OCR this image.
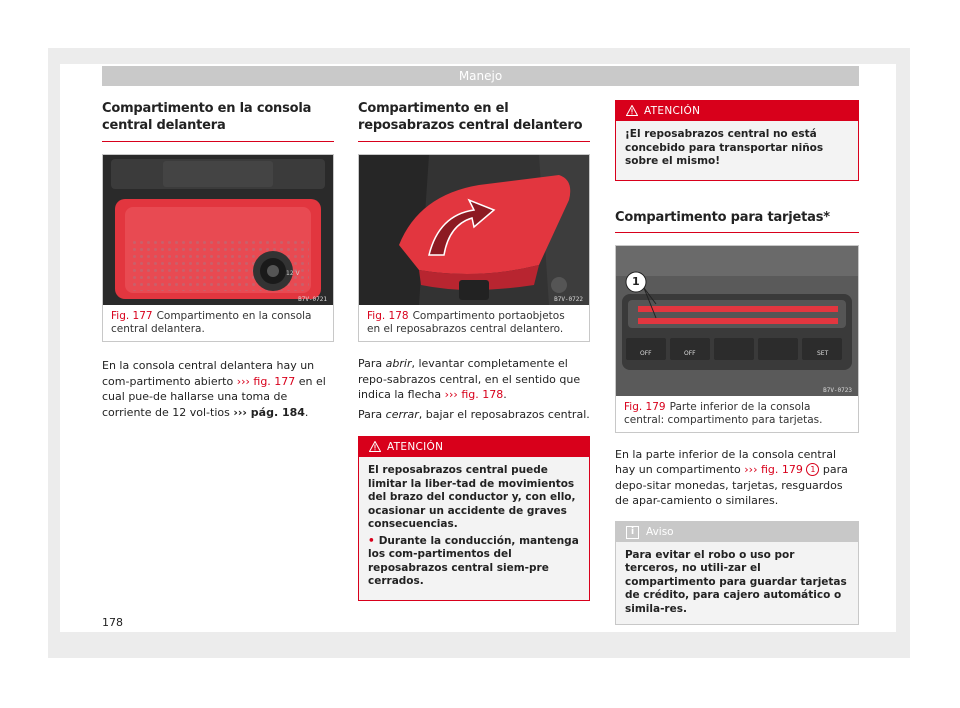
Manejo
Compartimento en la consola central delantera
12 V
B7V-0721
Fig. 177 Compartimento en la consola central delantera.

En la consola central delantera hay un com-partimento abierto ››› fig. 177 en el cual pue-de hallarse una toma de corriente de 12 vol-tios ››› pág. 184.

Compartimento en el reposabrazos central delantero
B7V-0722
Fig. 178 Compartimento portaobjetos en el reposabrazos central delantero.

Para abrir, levantar completamente el repo-sabrazos central, en el sentido que indica la flecha ››› fig. 178.

Para cerrar, bajar el reposabrazos central.

ATENCIÓN

El reposabrazos central puede limitar la liber-tad de movimientos del brazo del conductor y, con ello, ocasionar un accidente de graves consecuencias.

• Durante la conducción, mantenga los com-partimentos del reposabrazos central siem-pre cerrados.

ATENCIÓN

¡El reposabrazos central no está concebido para transportar niños sobre el mismo!

Compartimento para tarjetas*
1
OFF	OFF	SET
B7V-0723
Fig. 179 Parte inferior de la consola central: compartimento para tarjetas.

En la parte inferior de la consola central hay un compartimento ››› fig. 179 1 para depo-sitar monedas, tarjetas, resguardos de apar-camiento o similares.

i	Aviso
Para evitar el robo o uso por terceros, no utili-zar el compartimento para guardar tarjetas de crédito, para cajero automático o simila-res.
178
